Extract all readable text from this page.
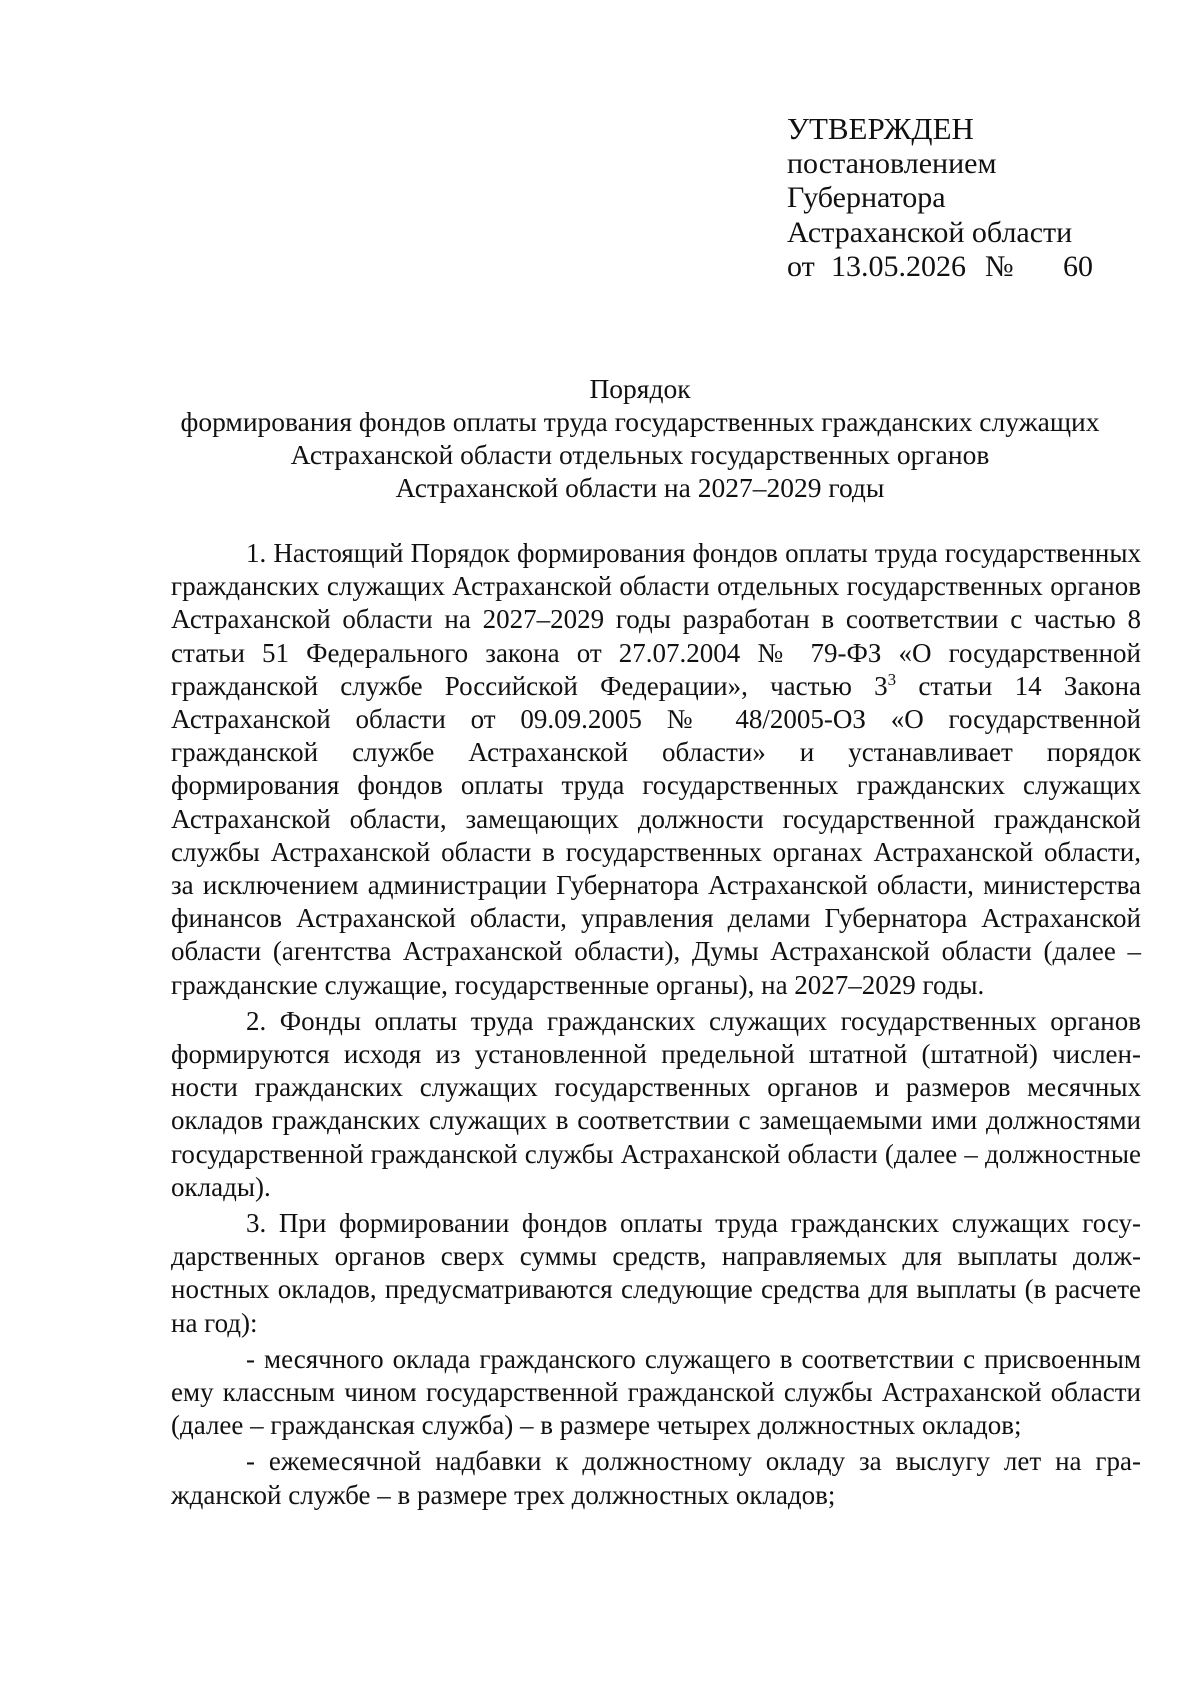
УТВЕРЖДЕН
постановлением
Губернатора
Астраханской области
от 13.05.2026 № 60
Порядок
формирования фондов оплаты труда государственных гражданских служащих
Астраханской области отдельных государственных органов
Астраханской области на 2027–2029 годы

1. Настоящий Порядок формирования фондов оплаты труда государственных гражданских служащих Астраханской области отдельных государственных органов Астраханской области на 2027–2029 годы разработан в соответствии с частью 8 статьи 51 Федерального закона от 27.07.2004 № 79-ФЗ «О государственной гражданской службе Российской Федерации», частью $3^3$ статьи 14 Закона Астраханской области от 09.09.2005 № 48/2005-ОЗ «О государственной гражданской службе Астраханской области» и устанавливает порядок формирования фондов оплаты труда государственных гражданских служащих Астраханской области, замещающих должности государственной гражданской службы Астраханской области в государственных органах Астраханской области, за исключением администрации Губернатора Астраханской области, министерства финансов Астраханской области, управления делами Губернатора Астраханской области (агентства Астраханской области), Думы Астраханской области (далее – гражданские служащие, государственные органы), на 2027–2029 годы.

2. Фонды оплаты труда гражданских служащих государственных органов формируются исходя из установленной предельной штатной (штатной) численности гражданских служащих государственных органов и размеров месячных окладов гражданских служащих в соответствии с замещаемыми ими должностями государственной гражданской службы Астраханской области (далее – должностные оклады).

3. При формировании фондов оплаты труда гражданских служащих государственных органов сверх суммы средств, направляемых для выплаты должностных окладов, предусматриваются следующие средства для выплаты (в расчете на год):

- месячного оклада гражданского служащего в соответствии с присвоенным ему классным чином государственной гражданской службы Астраханской области (далее – гражданская служба) – в размере четырех должностных окладов;

- ежемесячной надбавки к должностному окладу за выслугу лет на гражданской службе – в размере трех должностных окладов;
